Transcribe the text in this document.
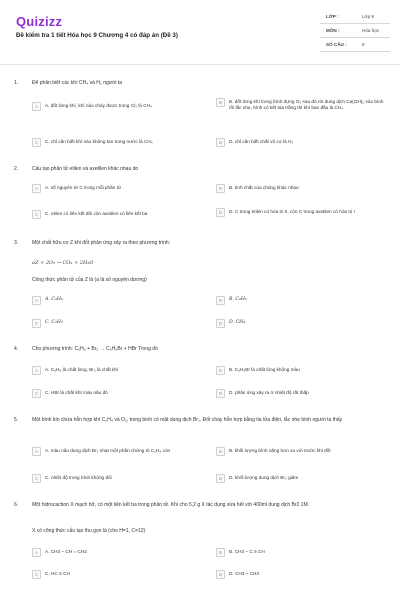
Quizizz
Đề kiểm tra 1 tiết Hóa học 9 Chương 4 có đáp án (Đề 3)
LỚP :	Lớp 9
MÔN :	Hóa học
SỐ CÂU :	8
1.	Để phân biệt các khí CH₄ và H₂ người ta
A	A. đốt từng khí, khí nào cháy được trong Cl₂ là CH₄
B	B. đốt từng khí trong bình đựng O₂ sau đó rót dung dịch Ca(OH)₂ vào bình rồi lắc nhẹ, bình có kết tủa trắng thì khí ban đầu là CH₄
C	C. chỉ cần biết khí nào không tan trong nước là CH₄	D	D. chỉ cần biết chất vô cơ là H₂
2.	Cấu tạo phân tử etilen và axetilen khác nhau do
A	A. số nguyên tử C trong mỗi phân tử	B	B. tính chất của chúng khác nhau
C	C. etilen có liên kết đôi còn axetilen có liên kết ba	D	D. C trong etilen có hóa trị II, còn C trong axetilen có hóa trị I
3.	Một chất hữu cơ Z khi đốt phản ứng xảy ra theo phương trình:
aZ + 2O₂ → CO₂ + 2H₂O
Công thức phân tử của Z là (a là số nguyên dương)
A	A. C₂H₄	B	B. C₆H₆
C	C. C₂H₂	D	D. CH₄
4.	Cho phương trình: C₆H₆ + Br₂ → C₆H₅Br + HBr Trong đó
A	A. C₆H₆ là chất lỏng, Br₂ là chất khí	B	B. C₆H₅Br là chất lỏng không màu
C	C. HBr là chất khí màu nâu đỏ	D	D. phản ứng xảy ra ở nhiệt độ rất thấp
5.	Một bình kín chứa hỗn hợp khí C₂H₄ và O₂, trong bình có mặt dung dịch Br₂. Đốt cháy hỗn hợp bằng tia lửa điện, lắc nhẹ bình người ta thấy
A	A. màu nâu dung dịch Br₂ nhạt một phần chứng tỏ C₂H₄ còn	B	B. khối lượng bình nặng hơn so với trước khi đốt
C	C. nhiệt độ trong bình không đổi	D	D. khối lượng dung dịch Br₂ giảm
6.	Một hidrocacbon X mạch hở, có một liên kết ba trong phân tử. Khi cho 5,2 g X tác dụng vừa hết với 400ml dung dịch Br2 1M.
X có công thức cấu tạo thu gọn là (cho H=1, C=12)
A	A. CH3 – CH = CH2	B	B. CH3 – C ≡ CH
C	C. HC ≡ CH	D	D. CH3 – CH3
